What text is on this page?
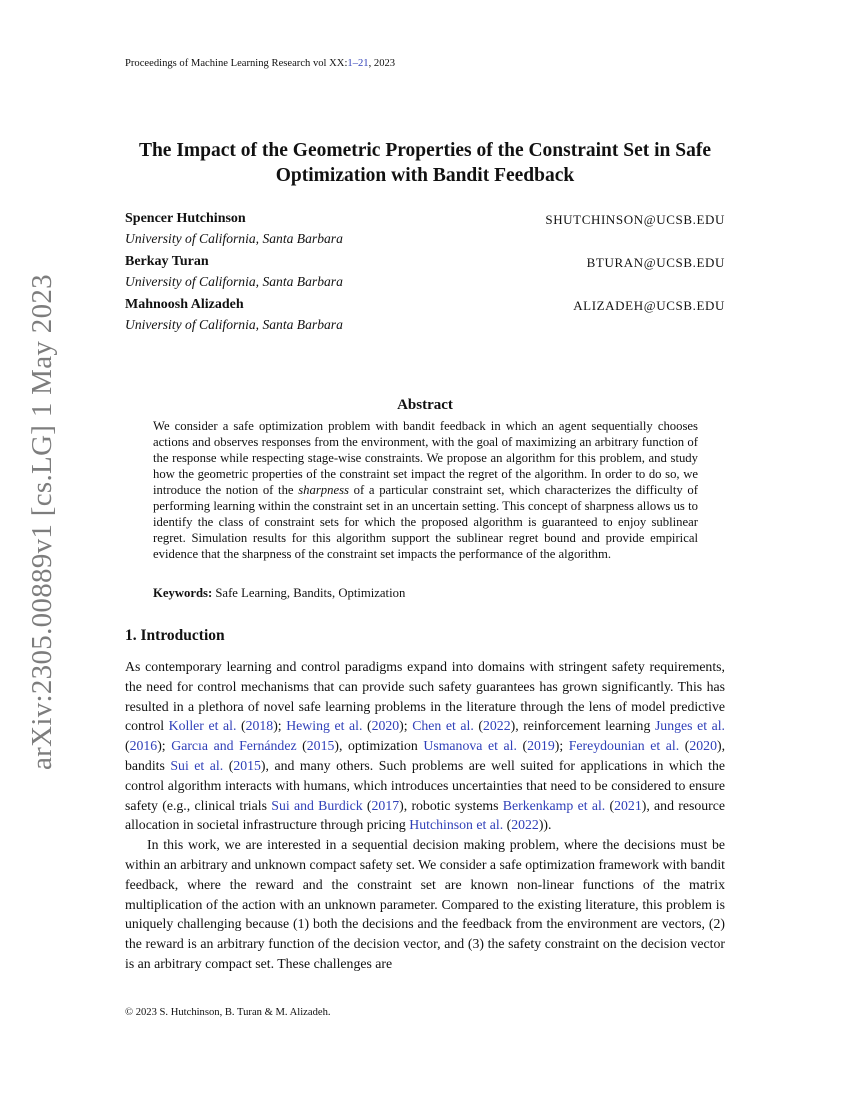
Proceedings of Machine Learning Research vol XX:1–21, 2023
arXiv:2305.00889v1 [cs.LG] 1 May 2023
The Impact of the Geometric Properties of the Constraint Set in Safe
Optimization with Bandit Feedback
Spencer Hutchinson
University of California, Santa Barbara
SHUTCHINSON@UCSB.EDU
Berkay Turan
University of California, Santa Barbara
BTURAN@UCSB.EDU
Mahnoosh Alizadeh
University of California, Santa Barbara
ALIZADEH@UCSB.EDU
Abstract

We consider a safe optimization problem with bandit feedback in which an agent sequentially chooses actions and observes responses from the environment, with the goal of maximizing an arbitrary function of the response while respecting stage-wise constraints. We propose an algorithm for this problem, and study how the geometric properties of the constraint set impact the regret of the algorithm. In order to do so, we introduce the notion of the sharpness of a particular constraint set, which characterizes the difficulty of performing learning within the constraint set in an uncertain setting. This concept of sharpness allows us to identify the class of constraint sets for which the proposed algorithm is guaranteed to enjoy sublinear regret. Simulation results for this algorithm support the sublinear regret bound and provide empirical evidence that the sharpness of the constraint set impacts the performance of the algorithm.

Keywords: Safe Learning, Bandits, Optimization
1. Introduction

As contemporary learning and control paradigms expand into domains with stringent safety requirements, the need for control mechanisms that can provide such safety guarantees has grown significantly. This has resulted in a plethora of novel safe learning problems in the literature through the lens of model predictive control Koller et al. (2018); Hewing et al. (2020); Chen et al. (2022), reinforcement learning Junges et al. (2016); Garcıa and Fernández (2015), optimization Usmanova et al. (2019); Fereydounian et al. (2020), bandits Sui et al. (2015), and many others. Such problems are well suited for applications in which the control algorithm interacts with humans, which introduces uncertainties that need to be considered to ensure safety (e.g., clinical trials Sui and Burdick (2017), robotic systems Berkenkamp et al. (2021), and resource allocation in societal infrastructure through pricing Hutchinson et al. (2022)).

In this work, we are interested in a sequential decision making problem, where the decisions must be within an arbitrary and unknown compact safety set. We consider a safe optimization framework with bandit feedback, where the reward and the constraint set are known non-linear functions of the matrix multiplication of the action with an unknown parameter. Compared to the existing literature, this problem is uniquely challenging because (1) both the decisions and the feedback from the environment are vectors, (2) the reward is an arbitrary function of the decision vector, and (3) the safety constraint on the decision vector is an arbitrary compact set. These challenges are

© 2023 S. Hutchinson, B. Turan & M. Alizadeh.
